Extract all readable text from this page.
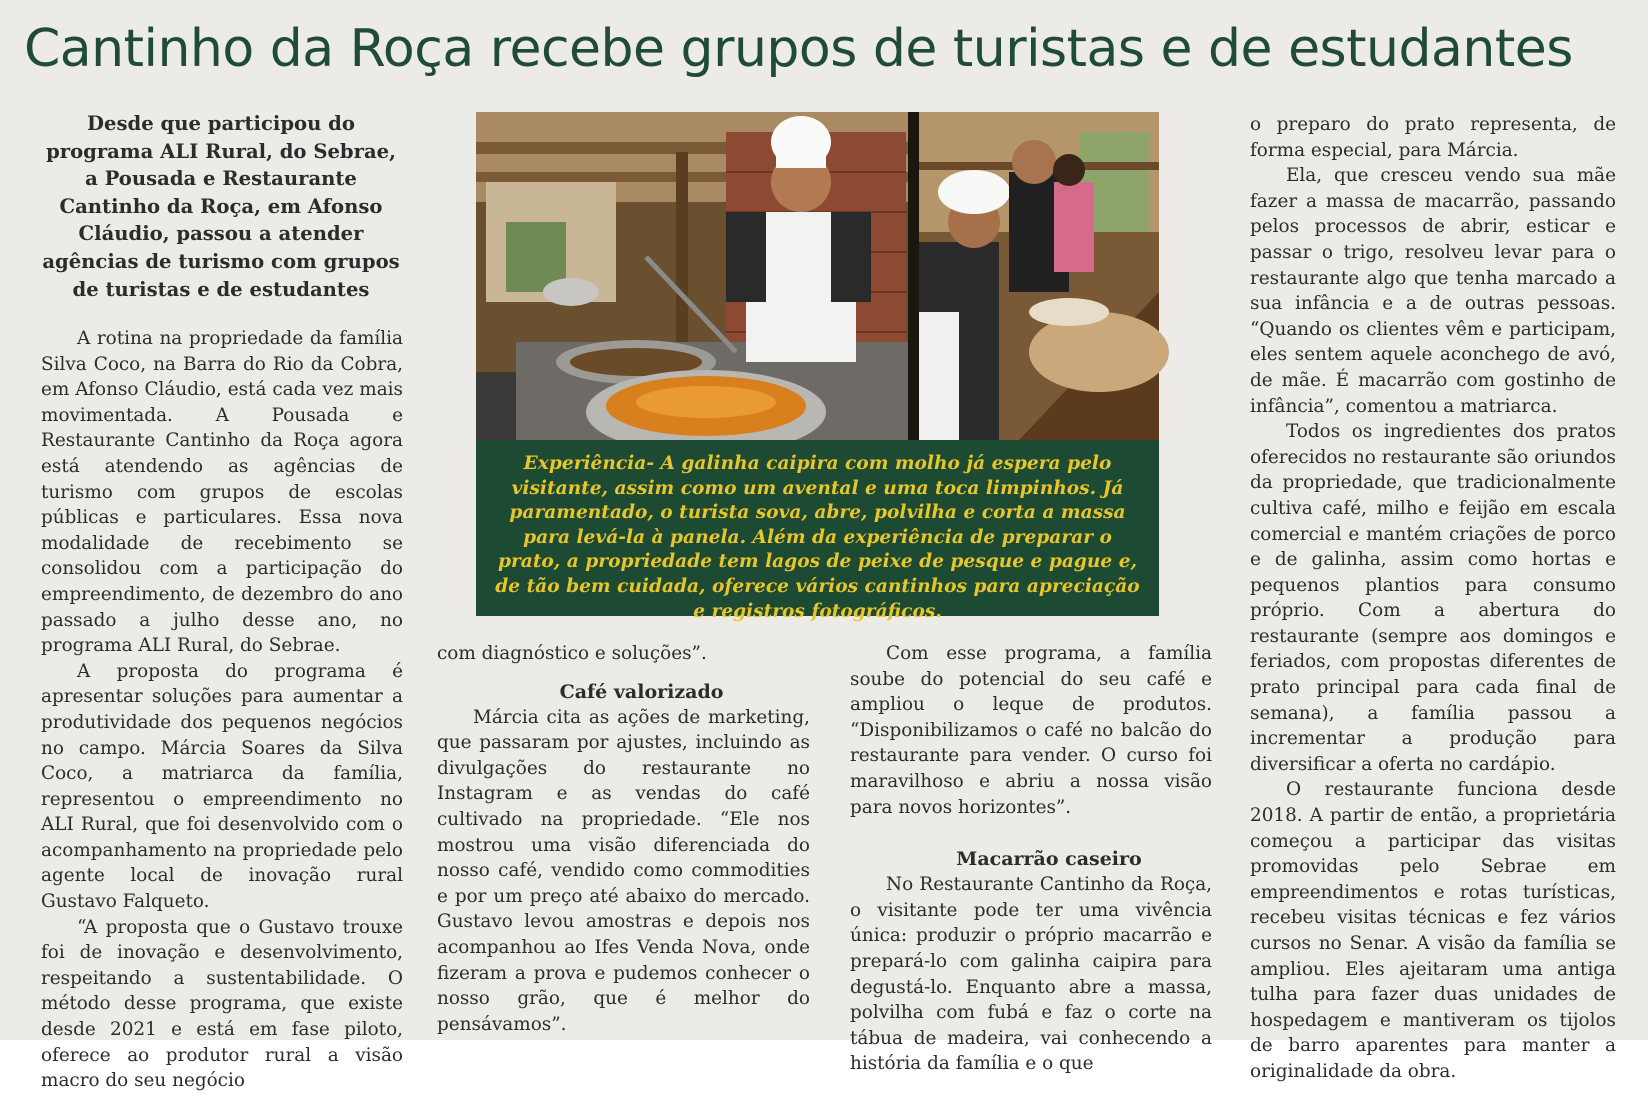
Cantinho da Roça recebe grupos de turistas e de estudantes
Desde que participou do programa ALI Rural, do Sebrae, a Pousada e Restaurante Cantinho da Roça, em Afonso Cláudio, passou a atender agências de turismo com grupos de turistas e de estudantes

A rotina na propriedade da família Silva Coco, na Barra do Rio da Cobra, em Afonso Cláudio, está cada vez mais movimentada. A Pousada e Restaurante Cantinho da Roça agora está atendendo as agências de turismo com grupos de escolas públicas e particulares. Essa nova modalidade de recebimento se consolidou com a participação do empreendimento, de dezembro do ano passado a julho desse ano, no programa ALI Rural, do Sebrae.

A proposta do programa é apresentar soluções para aumentar a produtividade dos pequenos negócios no campo. Márcia Soares da Silva Coco, a matriarca da família, representou o empreendimento no ALI Rural, que foi desenvolvido com o acompanhamento na propriedade pelo agente local de inovação rural Gustavo Falqueto.

“A proposta que o Gustavo trouxe foi de inovação e desenvolvimento, respeitando a sustentabilidade. O método desse programa, que existe desde 2021 e está em fase piloto, oferece ao produtor rural a visão macro do seu negócio

Experiência- A galinha caipira com molho já espera pelo visitante, assim como um avental e uma toca limpinhos. Já paramentado, o turista sova, abre, polvilha e corta a massa para levá-la à panela. Além da experiência de preparar o prato, a propriedade tem lagos de peixe de pesque e pague e, de tão bem cuidada, oferece vários cantinhos para apreciação e registros fotográficos.

com diagnóstico e soluções”.

Café valorizado

Márcia cita as ações de marketing, que passaram por ajustes, incluindo as divulgações do restaurante no Instagram e as vendas do café cultivado na propriedade. “Ele nos mostrou uma visão diferenciada do nosso café, vendido como commodities e por um preço até abaixo do mercado. Gustavo levou amostras e depois nos acompanhou ao Ifes Venda Nova, onde fizeram a prova e pudemos conhecer o nosso grão, que é melhor do pensávamos”.

Com esse programa, a família soube do potencial do seu café e ampliou o leque de produtos. “Disponibilizamos o café no balcão do restaurante para vender. O curso foi maravilhoso e abriu a nossa visão para novos horizontes”.

Macarrão caseiro

No Restaurante Cantinho da Roça, o visitante pode ter uma vivência única: produzir o próprio macarrão e prepará-lo com galinha caipira para degustá-lo. Enquanto abre a massa, polvilha com fubá e faz o corte na tábua de madeira, vai conhecendo a história da família e o que

o preparo do prato representa, de forma especial, para Márcia.

Ela, que cresceu vendo sua mãe fazer a massa de macarrão, passando pelos processos de abrir, esticar e passar o trigo, resolveu levar para o restaurante algo que tenha marcado a sua infância e a de outras pessoas. “Quando os clientes vêm e participam, eles sentem aquele aconchego de avó, de mãe. É macarrão com gostinho de infância”, comentou a matriarca.

Todos os ingredientes dos pratos oferecidos no restaurante são oriundos da propriedade, que tradicionalmente cultiva café, milho e feijão em escala comercial e mantém criações de porco e de galinha, assim como hortas e pequenos plantios para consumo próprio. Com a abertura do restaurante (sempre aos domingos e feriados, com propostas diferentes de prato principal para cada final de semana), a família passou a incrementar a produção para diversificar a oferta no cardápio.

O restaurante funciona desde 2018. A partir de então, a proprietária começou a participar das visitas promovidas pelo Sebrae em empreendimentos e rotas turísticas, recebeu visitas técnicas e fez vários cursos no Senar. A visão da família se ampliou. Eles ajeitaram uma antiga tulha para fazer duas unidades de hospedagem e mantiveram os tijolos de barro aparentes para manter a originalidade da obra.
